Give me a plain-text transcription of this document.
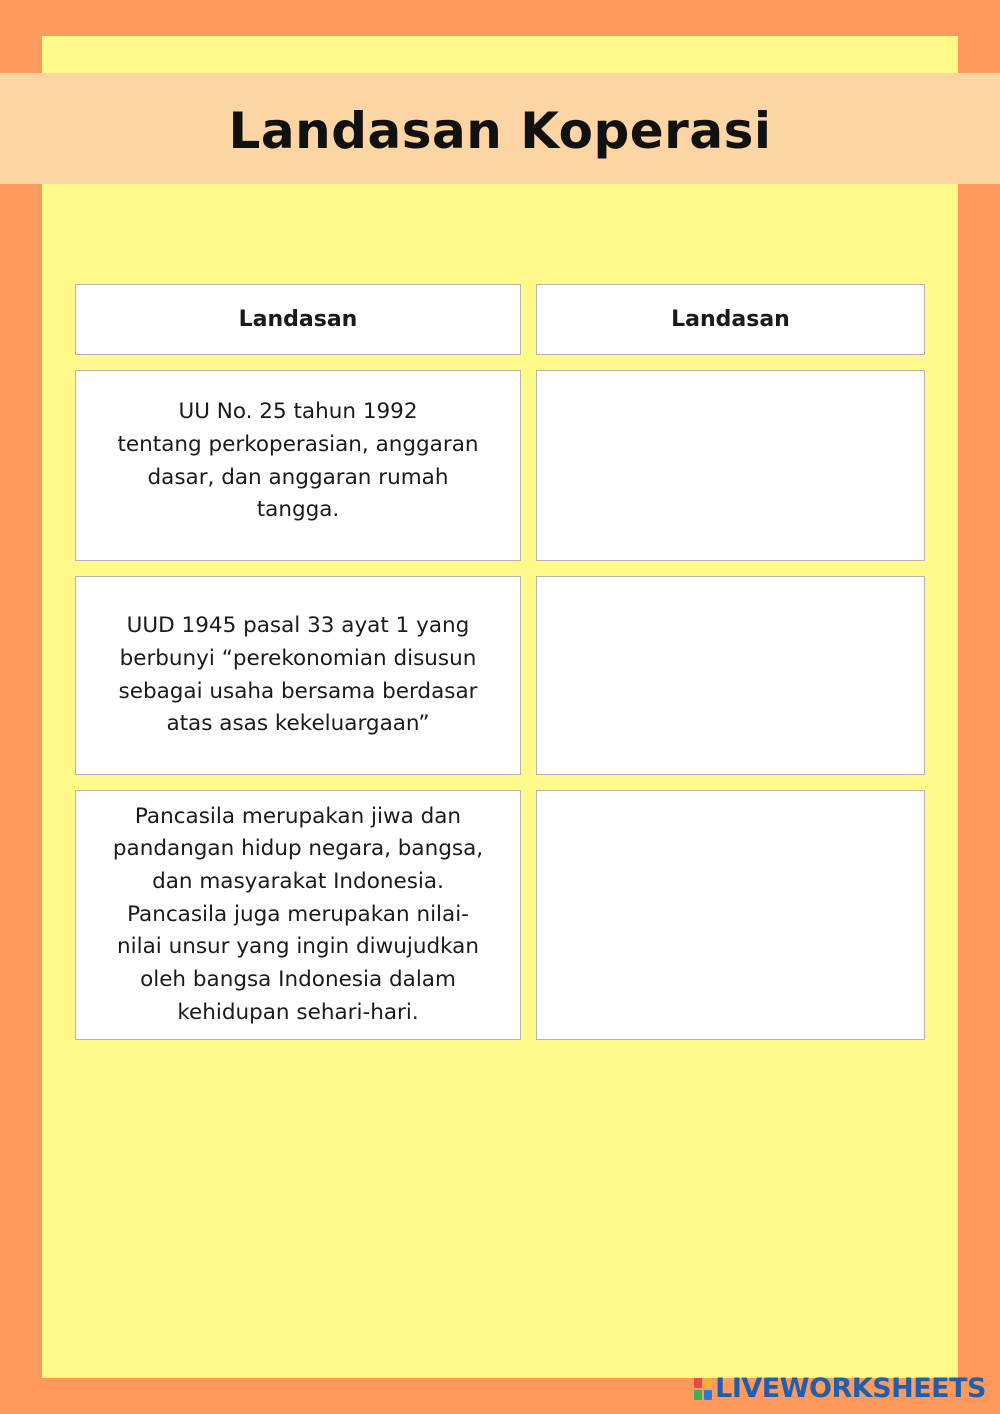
Landasan Koperasi
Landasan	Landasan
UU No. 25 tahun 1992
tentang perkoperasian, anggaran
dasar, dan anggaran rumah
tangga.
UUD 1945 pasal 33 ayat 1 yang
berbunyi “perekonomian disusun
sebagai usaha bersama berdasar
atas asas kekeluargaan”
Pancasila merupakan jiwa dan
pandangan hidup negara, bangsa,
dan masyarakat Indonesia.
Pancasila juga merupakan nilai-
nilai unsur yang ingin diwujudkan
oleh bangsa Indonesia dalam
kehidupan sehari-hari.
LIVEWORKSHEETS
